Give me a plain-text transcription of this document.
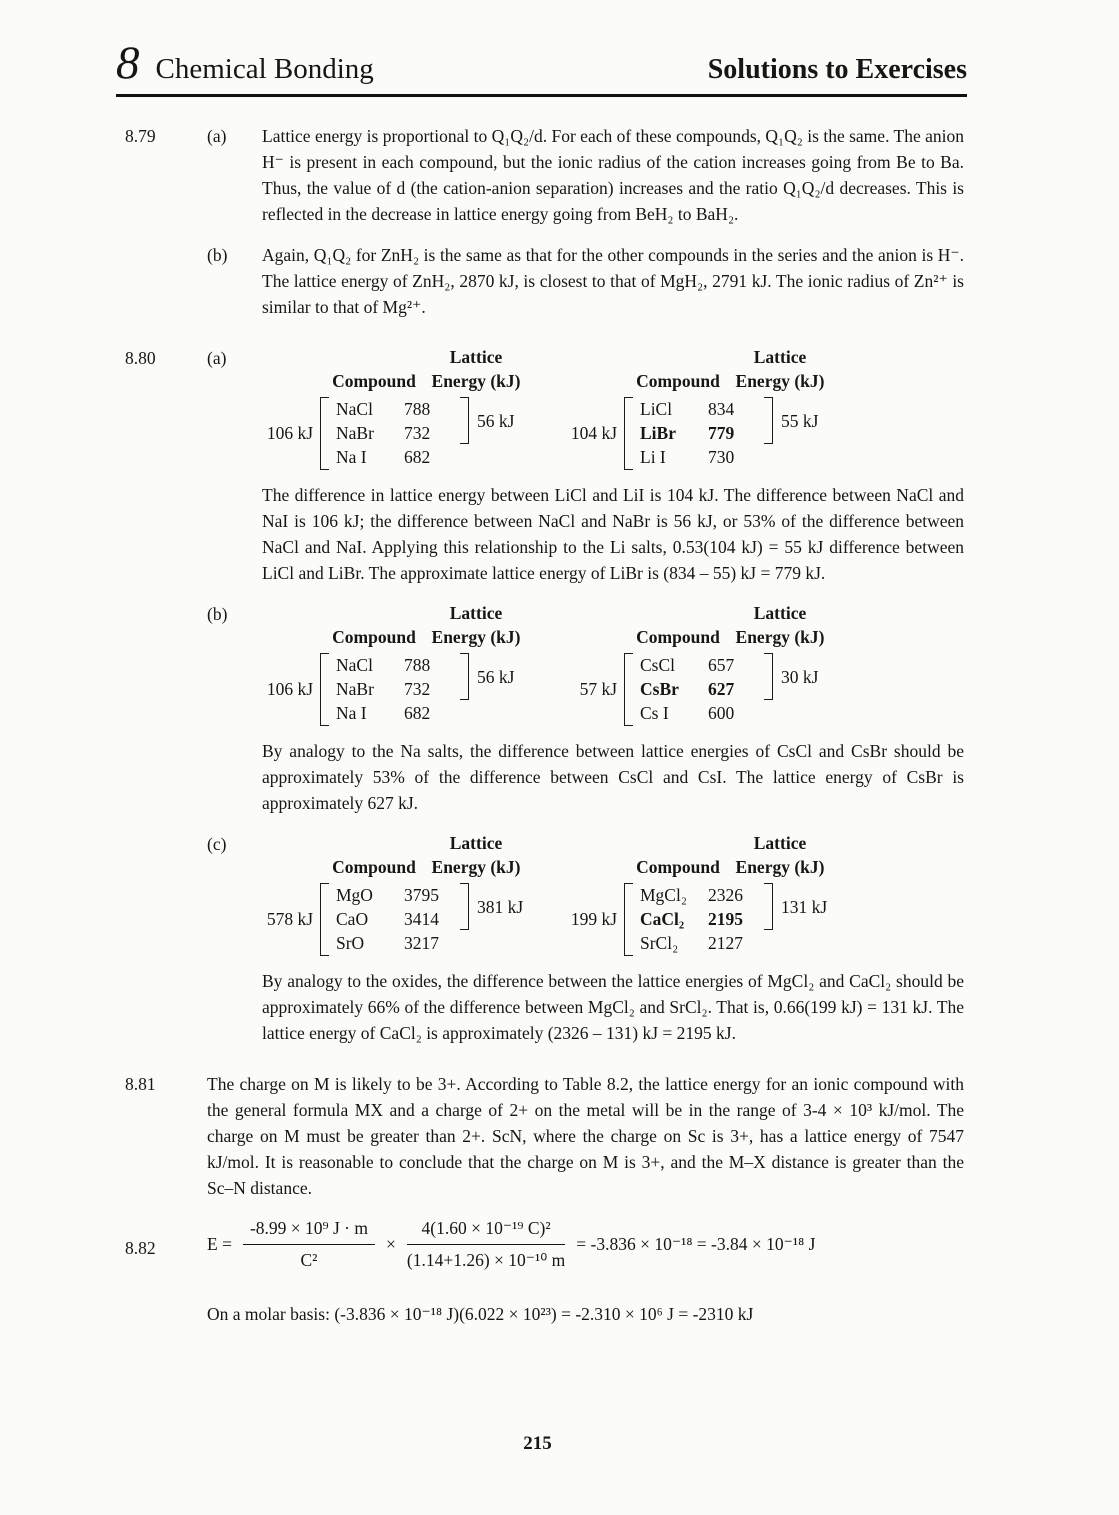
8 Chemical Bonding	Solutions to Exercises
8.79	(a)	Lattice energy is proportional to Q₁Q₂/d. For each of these compounds, Q₁Q₂ is the same. The anion H⁻ is present in each compound, but the ionic radius of the cation increases going from Be to Ba. Thus, the value of d (the cation-anion separation) increases and the ratio Q₁Q₂/d decreases. This is reflected in the decrease in lattice energy going from BeH₂ to BaH₂.
(b)	Again, Q₁Q₂ for ZnH₂ is the same as that for the other compounds in the series and the anion is H⁻. The lattice energy of ZnH₂, 2870 kJ, is closest to that of MgH₂, 2791 kJ. The ionic radius of Zn²⁺ is similar to that of Mg²⁺.
8.80	(a)	Lattice
Compound Energy (kJ)
106 kJ
NaCl	788
NaBr	732
Na I	682
56 kJ
Lattice
Compound Energy (kJ)
104 kJ
LiCl	834
LiBr	779
Li I	730
55 kJ
The difference in lattice energy between LiCl and LiI is 104 kJ. The difference between NaCl and NaI is 106 kJ; the difference between NaCl and NaBr is 56 kJ, or 53% of the difference between NaCl and NaI. Applying this relationship to the Li salts, 0.53(104 kJ) = 55 kJ difference between LiCl and LiBr. The approximate lattice energy of LiBr is (834 – 55) kJ = 779 kJ.
(b)	Lattice
Compound Energy (kJ)
106 kJ
NaCl	788
NaBr	732
Na I	682
56 kJ
Lattice
Compound Energy (kJ)
57 kJ
CsCl	657
CsBr	627
Cs I	600
30 kJ
By analogy to the Na salts, the difference between lattice energies of CsCl and CsBr should be approximately 53% of the difference between CsCl and CsI. The lattice energy of CsBr is approximately 627 kJ.
(c)	Lattice
Compound Energy (kJ)
578 kJ
MgO	3795
CaO	3414
SrO	3217
381 kJ
Lattice
Compound Energy (kJ)
199 kJ
MgCl₂	2326
CaCl₂	2195
SrCl₂	2127
131 kJ
By analogy to the oxides, the difference between the lattice energies of MgCl₂ and CaCl₂ should be approximately 66% of the difference between MgCl₂ and SrCl₂. That is, 0.66(199 kJ) = 131 kJ. The lattice energy of CaCl₂ is approximately (2326 – 131) kJ = 2195 kJ.
8.81	The charge on M is likely to be 3+. According to Table 8.2, the lattice energy for an ionic compound with the general formula MX and a charge of 2+ on the metal will be in the range of 3-4 × 10³ kJ/mol. The charge on M must be greater than 2+. ScN, where the charge on Sc is 3+, has a lattice energy of 7547 kJ/mol. It is reasonable to conclude that the charge on M is 3+, and the M–X distance is greater than the Sc–N distance.
8.82	$E = \frac{\text{-8.99 × 10⁹ J · m}}{\text{C²}} \times \frac{\text{4(1.60 × 10⁻¹⁹ C)²}}{\text{(1.14+1.26) × 10⁻¹⁰ m}} = -3.836 \times 10^{-18} = -3.84 \times 10^{-18}$ J
On a molar basis: (-3.836 × 10⁻¹⁸ J)(6.022 × 10²³) = -2.310 × 10⁶ J = -2310 kJ
215
